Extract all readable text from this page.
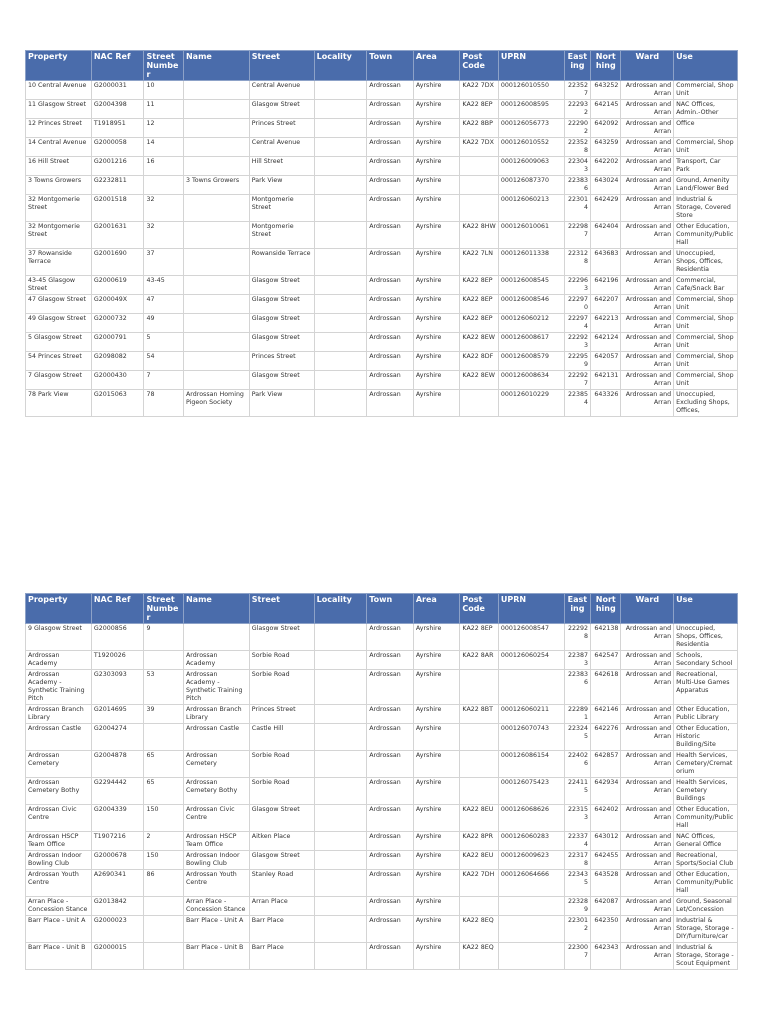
Property	NAC Ref	Street Number	Name	Street	Locality	Town	Area	Post Code	UPRN	Easting	Northing	Ward	Use
10 Central Avenue	G2000031	10		Central Avenue		Ardrossan	Ayrshire	KA22 7DX	000126010550	223527	643252	Ardrossan and Arran	Commercial, Shop Unit
11 Glasgow Street	G2004398	11		Glasgow Street		Ardrossan	Ayrshire	KA22 8EP	000126008595	222932	642145	Ardrossan and Arran	NAC Offices, Admin.-Other
12 Princes Street	T1918951	12		Princes Street		Ardrossan	Ayrshire	KA22 8BP	000126056773	222902	642092	Ardrossan and Arran	Office
14 Central Avenue	G2000058	14		Central Avenue		Ardrossan	Ayrshire	KA22 7DX	000126010552	223528	643259	Ardrossan and Arran	Commercial, Shop Unit
16 Hill Street	G2001216	16		Hill Street		Ardrossan	Ayrshire		000126009063	223043	642202	Ardrossan and Arran	Transport, Car Park
3 Towns Growers	G2232811		3 Towns Growers	Park View		Ardrossan	Ayrshire		000126087370	223836	643024	Ardrossan and Arran	Ground, Amenity Land/Flower Bed
32 Montgomerie Street	G2001518	32		Montgomerie Street		Ardrossan	Ayrshire		000126060213	223014	642429	Ardrossan and Arran	Industrial & Storage, Covered Store
32 Montgomerie Street	G2001631	32		Montgomerie Street		Ardrossan	Ayrshire	KA22 8HW	000126010061	222987	642404	Ardrossan and Arran	Other Education, Community/Public Hall
37 Rowanside Terrace	G2001690	37		Rowanside Terrace		Ardrossan	Ayrshire	KA22 7LN	000126011338	223128	643683	Ardrossan and Arran	Unoccupied, Shops, Offices, Residentia
43-45 Glasgow Street	G2000619	43-45		Glasgow Street		Ardrossan	Ayrshire	KA22 8EP	000126008545	222963	642196	Ardrossan and Arran	Commercial, Cafe/Snack Bar
47 Glasgow Street	G200049X	47		Glasgow Street		Ardrossan	Ayrshire	KA22 8EP	000126008546	222970	642207	Ardrossan and Arran	Commercial, Shop Unit
49 Glasgow Street	G2000732	49		Glasgow Street		Ardrossan	Ayrshire	KA22 8EP	000126060212	222974	642213	Ardrossan and Arran	Commercial, Shop Unit
5 Glasgow Street	G2000791	5		Glasgow Street		Ardrossan	Ayrshire	KA22 8EW	000126008617	222923	642124	Ardrossan and Arran	Commercial, Shop Unit
54 Princes Street	G2098082	54		Princes Street		Ardrossan	Ayrshire	KA22 8DF	000126008579	222959	642057	Ardrossan and Arran	Commercial, Shop Unit
7 Glasgow Street	G2000430	7		Glasgow Street		Ardrossan	Ayrshire	KA22 8EW	000126008634	222927	642131	Ardrossan and Arran	Commercial, Shop Unit
78 Park View	G2015063	78	Ardrossan Homing Pigeon Society	Park View		Ardrossan	Ayrshire		000126010229	223854	643326	Ardrossan and Arran	Unoccupied, Excluding Shops, Offices,
Property	NAC Ref	Street Number	Name	Street	Locality	Town	Area	Post Code	UPRN	Easting	Northing	Ward	Use
9 Glasgow Street	G2000856	9		Glasgow Street		Ardrossan	Ayrshire	KA22 8EP	000126008547	222928	642138	Ardrossan and Arran	Unoccupied, Shops, Offices, Residentia
Ardrossan Academy	T1920026		Ardrossan Academy	Sorbie Road		Ardrossan	Ayrshire	KA22 8AR	000126060254	223873	642547	Ardrossan and Arran	Schools, Secondary School
Ardrossan Academy - Synthetic Training Pitch	G2303093	53	Ardrossan Academy - Synthetic Training Pitch	Sorbie Road		Ardrossan	Ayrshire			223836	642618	Ardrossan and Arran	Recreational, Multi-Use Games Apparatus
Ardrossan Branch Library	G2014695	39	Ardrossan Branch Library	Princes Street		Ardrossan	Ayrshire	KA22 8BT	000126060211	222891	642146	Ardrossan and Arran	Other Education, Public Library
Ardrossan Castle	G2004274		Ardrossan Castle	Castle Hill		Ardrossan	Ayrshire		000126070743	223245	642276	Ardrossan and Arran	Other Education, Historic Building/Site
Ardrossan Cemetery	G2004878	65	Ardrossan Cemetery	Sorbie Road		Ardrossan	Ayrshire		000126086154	224026	642857	Ardrossan and Arran	Health Services, Cemetery/Crematorium
Ardrossan Cemetery Bothy	G2294442	65	Ardrossan Cemetery Bothy	Sorbie Road		Ardrossan	Ayrshire		000126075423	224115	642934	Ardrossan and Arran	Health Services, Cemetery Buildings
Ardrossan Civic Centre	G2004339	150	Ardrossan Civic Centre	Glasgow Street		Ardrossan	Ayrshire	KA22 8EU	000126068626	223153	642402	Ardrossan and Arran	Other Education, Community/Public Hall
Ardrossan HSCP Team Office	T1907216	2	Ardrossan HSCP Team Office	Aitken Place		Ardrossan	Ayrshire	KA22 8PR	000126060283	223374	643012	Ardrossan and Arran	NAC Offices, General Office
Ardrossan Indoor Bowling Club	G2000678	150	Ardrossan Indoor Bowling Club	Glasgow Street		Ardrossan	Ayrshire	KA22 8EU	000126009623	223178	642455	Ardrossan and Arran	Recreational, Sports/Social Club
Ardrossan Youth Centre	A2690341	86	Ardrossan Youth Centre	Stanley Road		Ardrossan	Ayrshire	KA22 7DH	000126064666	223435	643528	Ardrossan and Arran	Other Education, Community/Public Hall
Arran Place - Concession Stance	G2013842		Arran Place - Concession Stance	Arran Place		Ardrossan	Ayrshire			223289	642087	Ardrossan and Arran	Ground, Seasonal Let/Concession
Barr Place - Unit A	G2000023		Barr Place - Unit A	Barr Place		Ardrossan	Ayrshire	KA22 8EQ		223012	642350	Ardrossan and Arran	Industrial & Storage, Storage - DIY/furniture/car
Barr Place - Unit B	G2000015		Barr Place - Unit B	Barr Place		Ardrossan	Ayrshire	KA22 8EQ		223007	642343	Ardrossan and Arran	Industrial & Storage, Storage - Scout Equipment
